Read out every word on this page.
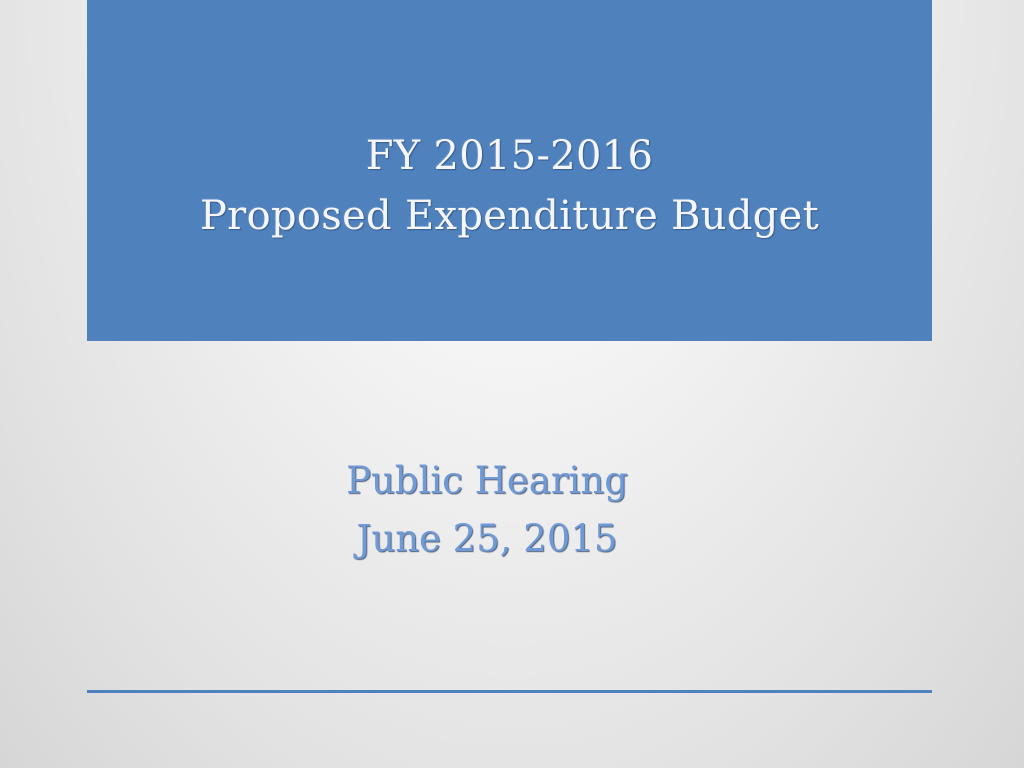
FY 2015-2016
Proposed Expenditure Budget
Public Hearing
June 25, 2015
